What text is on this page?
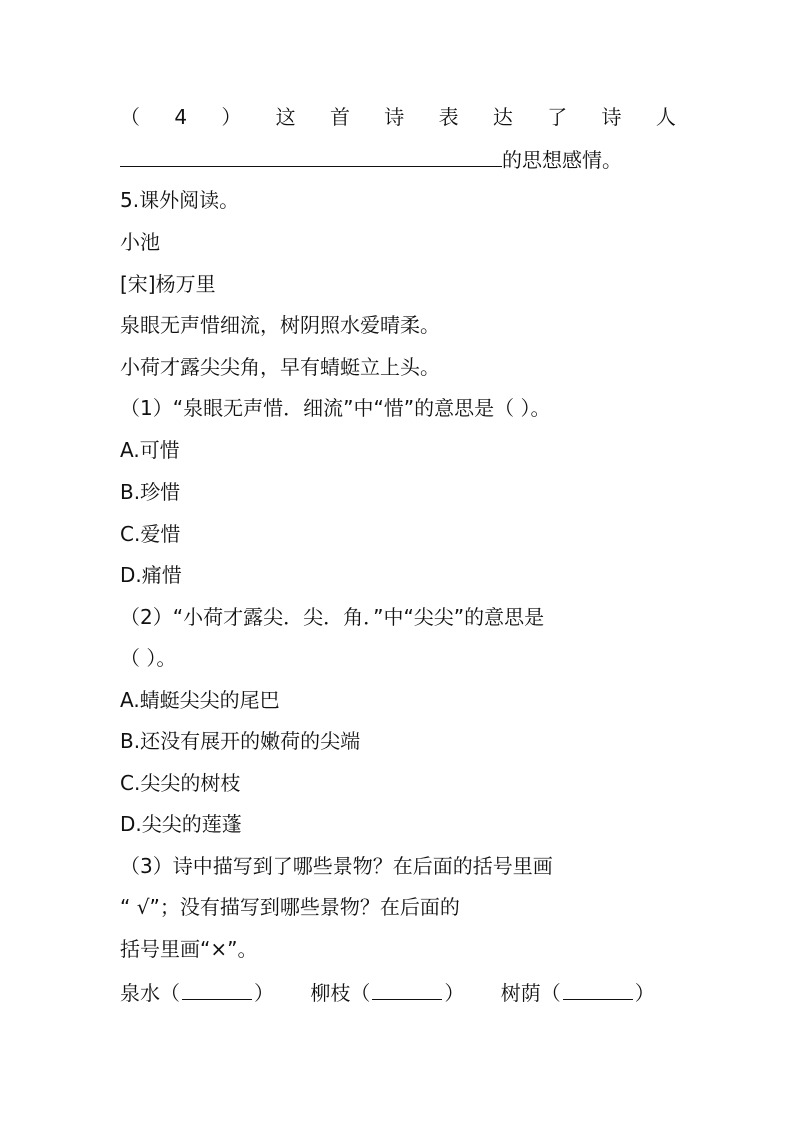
（ 4 ） 这 首 诗 表 达 了 诗 人
的思想感情。
5.课外阅读。
小池
[宋]杨万里
泉眼无声惜细流，树阴照水爱晴柔。
小荷才露尖尖角，早有蜻蜓立上头。
（1）“泉眼无声惜．细流”中“惜”的意思是（ ）。
A.可惜
B.珍惜
C.爱惜
D.痛惜
（2）“小荷才露尖．尖．角．”中“尖尖”的意思是
（ ）。
A.蜻蜓尖尖的尾巴
B.还没有展开的嫩荷的尖端
C.尖尖的树枝
D.尖尖的莲蓬
（3）诗中描写到了哪些景物？在后面的括号里画
“ √”；没有描写到哪些景物？在后面的
括号里画“×”。
泉水（	） 柳枝（	） 树荫（	）
